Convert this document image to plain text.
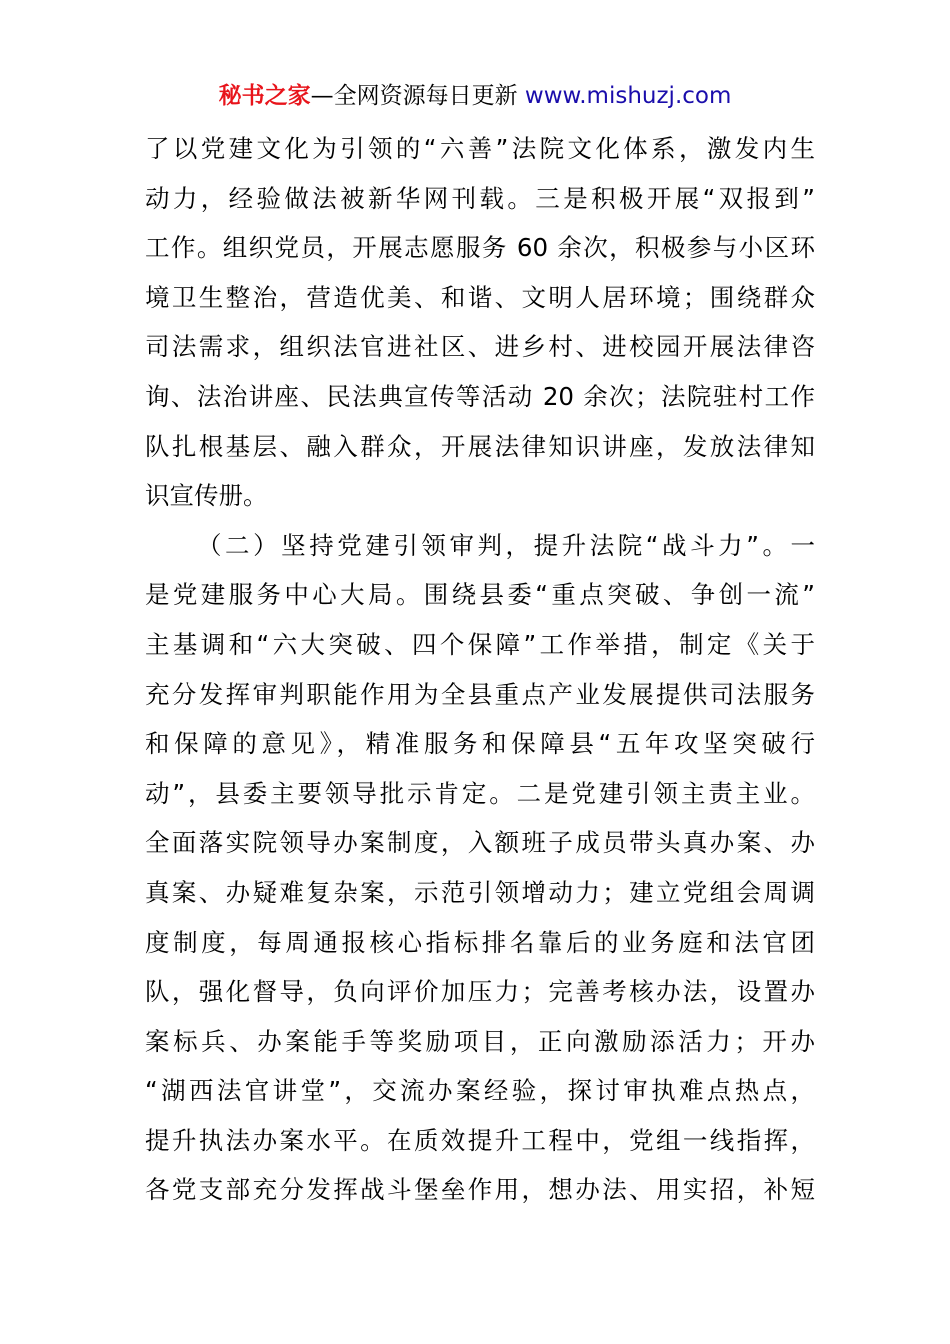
秘书之家—全网资源每日更新 www.mishuzj.com
了以党建文化为引领的“六善”法院文化体系，激发内生
动力，经验做法被新华网刊载。三是积极开展“双报到”
工作。组织党员，开展志愿服务 60 余次，积极参与小区环
境卫生整治，营造优美、和谐、文明人居环境；围绕群众
司法需求，组织法官进社区、进乡村、进校园开展法律咨
询、法治讲座、民法典宣传等活动 20 余次；法院驻村工作
队扎根基层、融入群众，开展法律知识讲座，发放法律知
识宣传册。
（二）坚持党建引领审判，提升法院“战斗力”。一
是党建服务中心大局。围绕县委“重点突破、争创一流”
主基调和“六大突破、四个保障”工作举措，制定《关于
充分发挥审判职能作用为全县重点产业发展提供司法服务
和保障的意见》，精准服务和保障县“五年攻坚突破行
动”，县委主要领导批示肯定。二是党建引领主责主业。
全面落实院领导办案制度，入额班子成员带头真办案、办
真案、办疑难复杂案，示范引领增动力；建立党组会周调
度制度，每周通报核心指标排名靠后的业务庭和法官团
队，强化督导，负向评价加压力；完善考核办法，设置办
案标兵、办案能手等奖励项目，正向激励添活力；开办
“湖西法官讲堂”，交流办案经验，探讨审执难点热点，
提升执法办案水平。在质效提升工程中，党组一线指挥，
各党支部充分发挥战斗堡垒作用，想办法、用实招，补短
